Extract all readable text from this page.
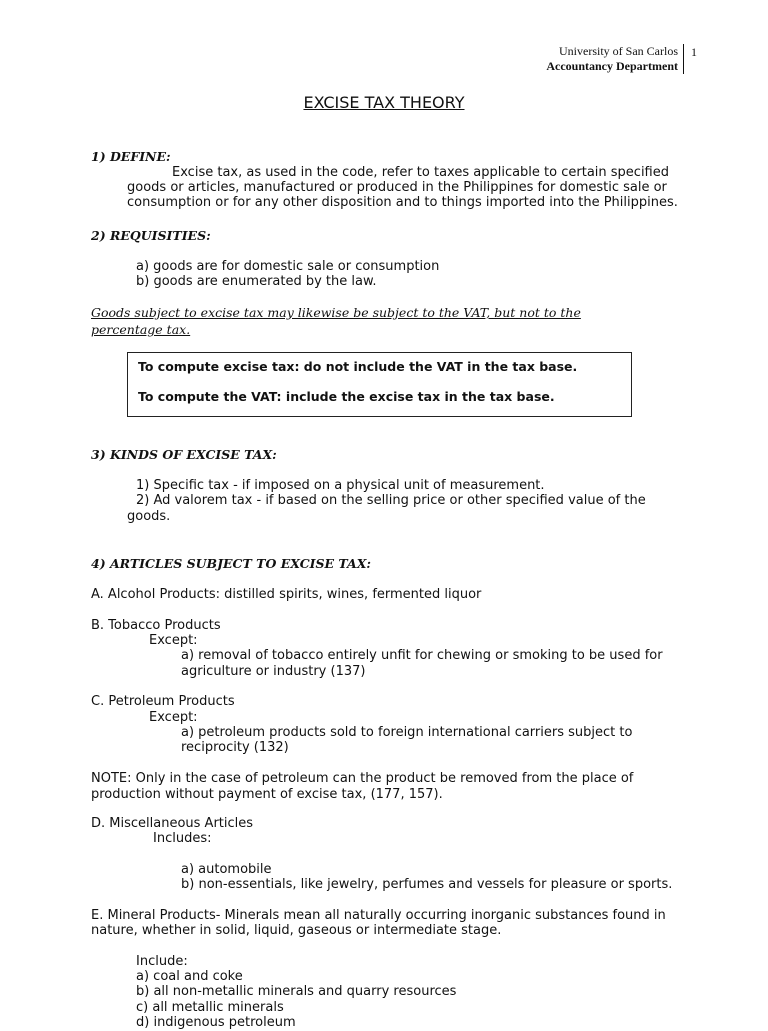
University of San Carlos
Accountancy Department
1
EXCISE TAX THEORY
1) DEFINE:
Excise tax, as used in the code, refer to taxes applicable to certain specified
goods or articles, manufactured or produced in the Philippines for domestic sale or
consumption or for any other disposition and to things imported into the Philippines.
2) REQUISITIES:
a) goods are for domestic sale or consumption
b) goods are enumerated by the law.
Goods subject to excise tax may likewise be subject to the VAT, but not to the
percentage tax.
To compute excise tax: do not include the VAT in the tax base.
To compute the VAT: include the excise tax in the tax base.
3) KINDS OF EXCISE TAX:
1) Specific tax - if imposed on a physical unit of measurement.
2) Ad valorem tax - if based on the selling price or other specified value of the
goods.
4) ARTICLES SUBJECT TO EXCISE TAX:
A. Alcohol Products: distilled spirits, wines, fermented liquor
B. Tobacco Products
Except:
a) removal of tobacco entirely unfit for chewing or smoking to be used for
agriculture or industry (137)
C. Petroleum Products
Except:
a) petroleum products sold to foreign international carriers subject to
reciprocity (132)
NOTE: Only in the case of petroleum can the product be removed from the place of
production without payment of excise tax, (177, 157).
D. Miscellaneous Articles
Includes:
a) automobile
b) non-essentials, like jewelry, perfumes and vessels for pleasure or sports.
E. Mineral Products- Minerals mean all naturally occurring inorganic substances found in
nature, whether in solid, liquid, gaseous or intermediate stage.
Include:
a) coal and coke
b) all non-metallic minerals and quarry resources
c) all metallic minerals
d) indigenous petroleum
